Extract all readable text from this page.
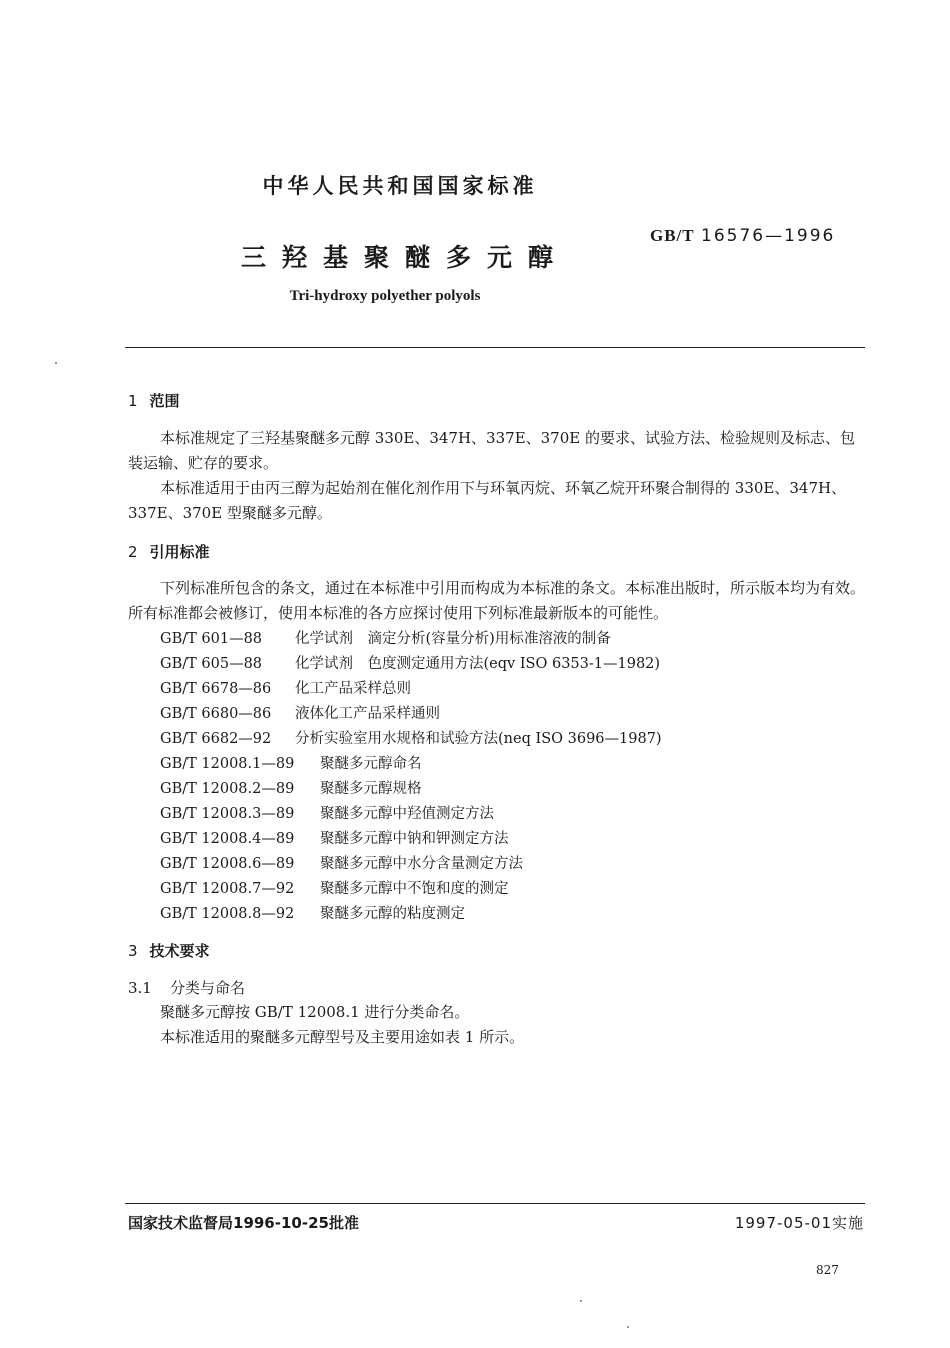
中华人民共和国国家标准
GB/T 16576—1996
三羟基聚醚多元醇
Tri-hydroxy polyether polyols
1 范围
本标准规定了三羟基聚醚多元醇 330E、347H、337E、370E 的要求、试验方法、检验规则及标志、包装运输、贮存的要求。
本标准适用于由丙三醇为起始剂在催化剂作用下与环氧丙烷、环氧乙烷开环聚合制得的 330E、347H、337E、370E 型聚醚多元醇。
2 引用标准
下列标准所包含的条文，通过在本标准中引用而构成为本标准的条文。本标准出版时，所示版本均为有效。所有标准都会被修订，使用本标准的各方应探讨使用下列标准最新版本的可能性。
GB/T 601—88 化学试剂　滴定分析(容量分析)用标准溶液的制备
GB/T 605—88 化学试剂　色度测定通用方法(eqv ISO 6353-1—1982)
GB/T 6678—86 化工产品采样总则
GB/T 6680—86 液体化工产品采样通则
GB/T 6682—92 分析实验室用水规格和试验方法(neq ISO 3696—1987)
GB/T 12008.1—89 聚醚多元醇命名
GB/T 12008.2—89 聚醚多元醇规格
GB/T 12008.3—89 聚醚多元醇中羟值测定方法
GB/T 12008.4—89 聚醚多元醇中钠和钾测定方法
GB/T 12008.6—89 聚醚多元醇中水分含量测定方法
GB/T 12008.7—92 聚醚多元醇中不饱和度的测定
GB/T 12008.8—92 聚醚多元醇的粘度测定
3 技术要求
3.1 分类与命名
聚醚多元醇按 GB/T 12008.1 进行分类命名。
本标准适用的聚醚多元醇型号及主要用途如表 1 所示。
国家技术监督局1996-10-25批准	1997-05-01实施
827
